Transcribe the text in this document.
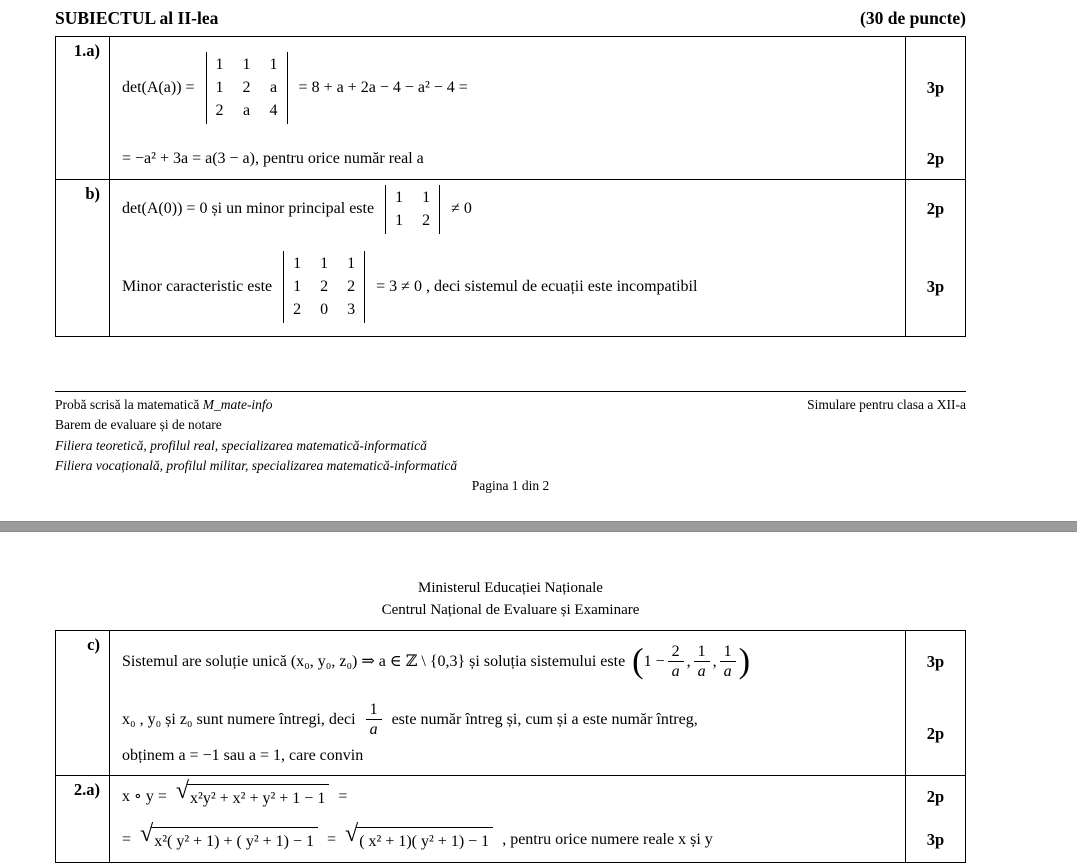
SUBIECTUL al II-lea	(30 de puncte)
1.a)
det(A(a)) =
1 1 1
1 2 a
2 a 4
= 8 + a + 2a − 4 − a² − 4 =	3p
= −a² + 3a = a(3 − a), pentru orice număr real a	2p
b)
det(A(0)) = 0 și un minor principal este
1 1
1 2
≠ 0	2p
Minor caracteristic este
1 1 1
1 2 2
2 0 3
= 3 ≠ 0 , deci sistemul de ecuații este incompatibil	3p
Probă scrisă la matematică M_mate-info	Simulare pentru clasa a XII-a
Barem de evaluare și de notare
Filiera teoretică, profilul real, specializarea matematică-informatică
Filiera vocațională, profilul militar, specializarea matematică-informatică
Pagina 1 din 2
Ministerul Educației Naționale
Centrul Național de Evaluare și Examinare
c)
Sistemul are soluție unică (x₀, y₀, z₀) ⇒ a ∈ ℤ \ {0,3} și soluția sistemului este ( $1 - \frac{2}{a}$ , $\frac{1}{a}$ , $\frac{1}{a}$ )	3p
x₀ , y₀ și z₀ sunt numere întregi, deci $\frac{1}{a}$ este număr întreg și, cum și a este număr întreg,
obținem a = −1 sau a = 1, care convin
2p
2.a)	x ∘ y = √ x²y² + x² + y² + 1 − 1 =	2p
= √ x²( y² + 1) + ( y² + 1) − 1 = √ ( x² + 1)( y² + 1) − 1 , pentru orice numere reale x și y	3p
